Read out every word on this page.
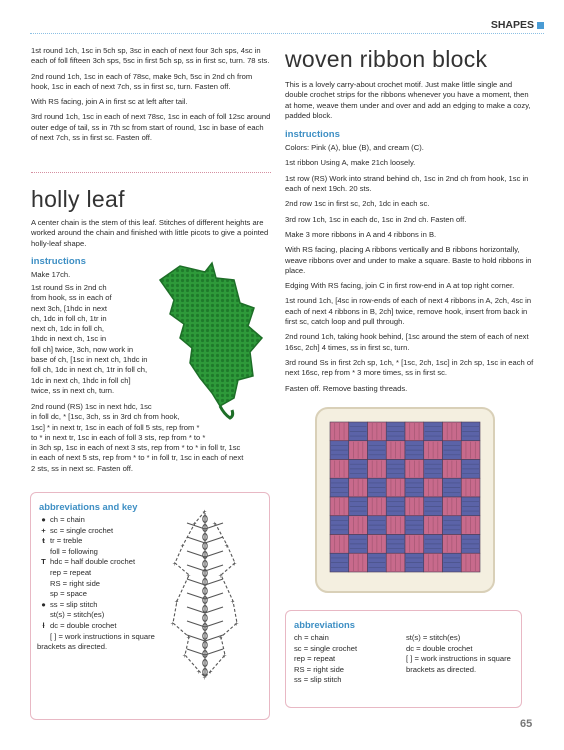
SHAPES

1st round 1ch, 1sc in 5ch sp, 3sc in each of next four 3ch sps, 4sc in each of foll fifteen 3ch sps, 5sc in first 5ch sp, ss in first sc, turn. 78 sts.

2nd round 1ch, 1sc in each of 78sc, make 9ch, 5sc in 2nd ch from hook, 1sc in each of next 7ch, ss in first sc, turn. Fasten off.

With RS facing, join A in first sc at left after tail.

3rd round 1ch, 1sc in each of next 78sc, 1sc in each of foll 12sc around outer edge of tail, ss in 7th sc from start of round, 1sc in base of each of next 7ch, ss in first sc. Fasten off.

holly leaf
A center chain is the stem of this leaf. Stitches of different heights are worked around the chain and finished with little picots to give a pointed holly-leaf shape.
instructions
Make 17ch.
1st round Ss in 2nd ch
from hook, ss in each of
next 3ch, [1hdc in next
ch, 1dc in foll ch, 1tr in
next ch, 1dc in foll ch,
1hdc in next ch, 1sc in
foll ch] twice, 3ch, now work in
base of ch, [1sc in next ch, 1hdc in
foll ch, 1dc in next ch, 1tr in foll ch,
1dc in next ch, 1hdc in foll ch]
twice, ss in next ch, turn.
2nd round (RS) 1sc in next hdc, 1sc
in foll dc, * [1sc, 3ch, ss in 3rd ch from hook,
1sc] * in next tr, 1sc in each of foll 5 sts, rep from *
to * in next tr, 1sc in each of foll 3 sts, rep from * to *
in 3ch sp, 1sc in each of next 3 sts, rep from * to * in foll tr, 1sc
in each of next 5 sts, rep from * to * in foll tr, 1sc in each of next
2 sts, ss in next sc. Fasten off.
abbreviations and key
● ch = chain
+ sc = single crochet
ŧ tr = treble
foll = following
T hdc = half double crochet
rep = repeat
RS = right side
sp = space
● ss = slip stitch
st(s) = stitch(es)
ƚ dc = double crochet
[ ] = work instructions in square brackets as directed.
+
+
+
+
+
+
+
+
+
+
+
+
+
+
+
+
+
+
+
+
woven ribbon block

This is a lovely carry-about crochet motif. Just make little single and double crochet strips for the ribbons whenever you have a moment, then at home, weave them under and over and add an edging to make a cozy, padded block.

instructions

Colors: Pink (A), blue (B), and cream (C).

1st ribbon Using A, make 21ch loosely.

1st row (RS) Work into strand behind ch, 1sc in 2nd ch from hook, 1sc in each of next 19ch. 20 sts.

2nd row 1sc in first sc, 2ch, 1dc in each sc.

3rd row 1ch, 1sc in each dc, 1sc in 2nd ch. Fasten off.

Make 3 more ribbons in A and 4 ribbons in B.

With RS facing, placing A ribbons vertically and B ribbons horizontally, weave ribbons over and under to make a square. Baste to hold ribbons in place.

Edging With RS facing, join C in first row-end in A at top right corner.

1st round 1ch, [4sc in row-ends of each of next 4 ribbons in A, 2ch, 4sc in each of next 4 ribbons in B, 2ch] twice, remove hook, insert from back in first sc, catch loop and pull through.

2nd round 1ch, taking hook behind, [1sc around the stem of each of next 16sc, 2ch] 4 times, ss in first sc, turn.

3rd round Ss in first 2ch sp, 1ch, * [1sc, 2ch, 1sc] in 2ch sp, 1sc in each of next 16sc, rep from * 3 more times, ss in first sc.

Fasten off. Remove basting threads.

abbreviations
ch = chain
sc = single crochet
rep = repeat
RS = right side
ss = slip stitch
st(s) = stitch(es)
dc = double crochet
[ ] = work instructions in square brackets as directed.
65
